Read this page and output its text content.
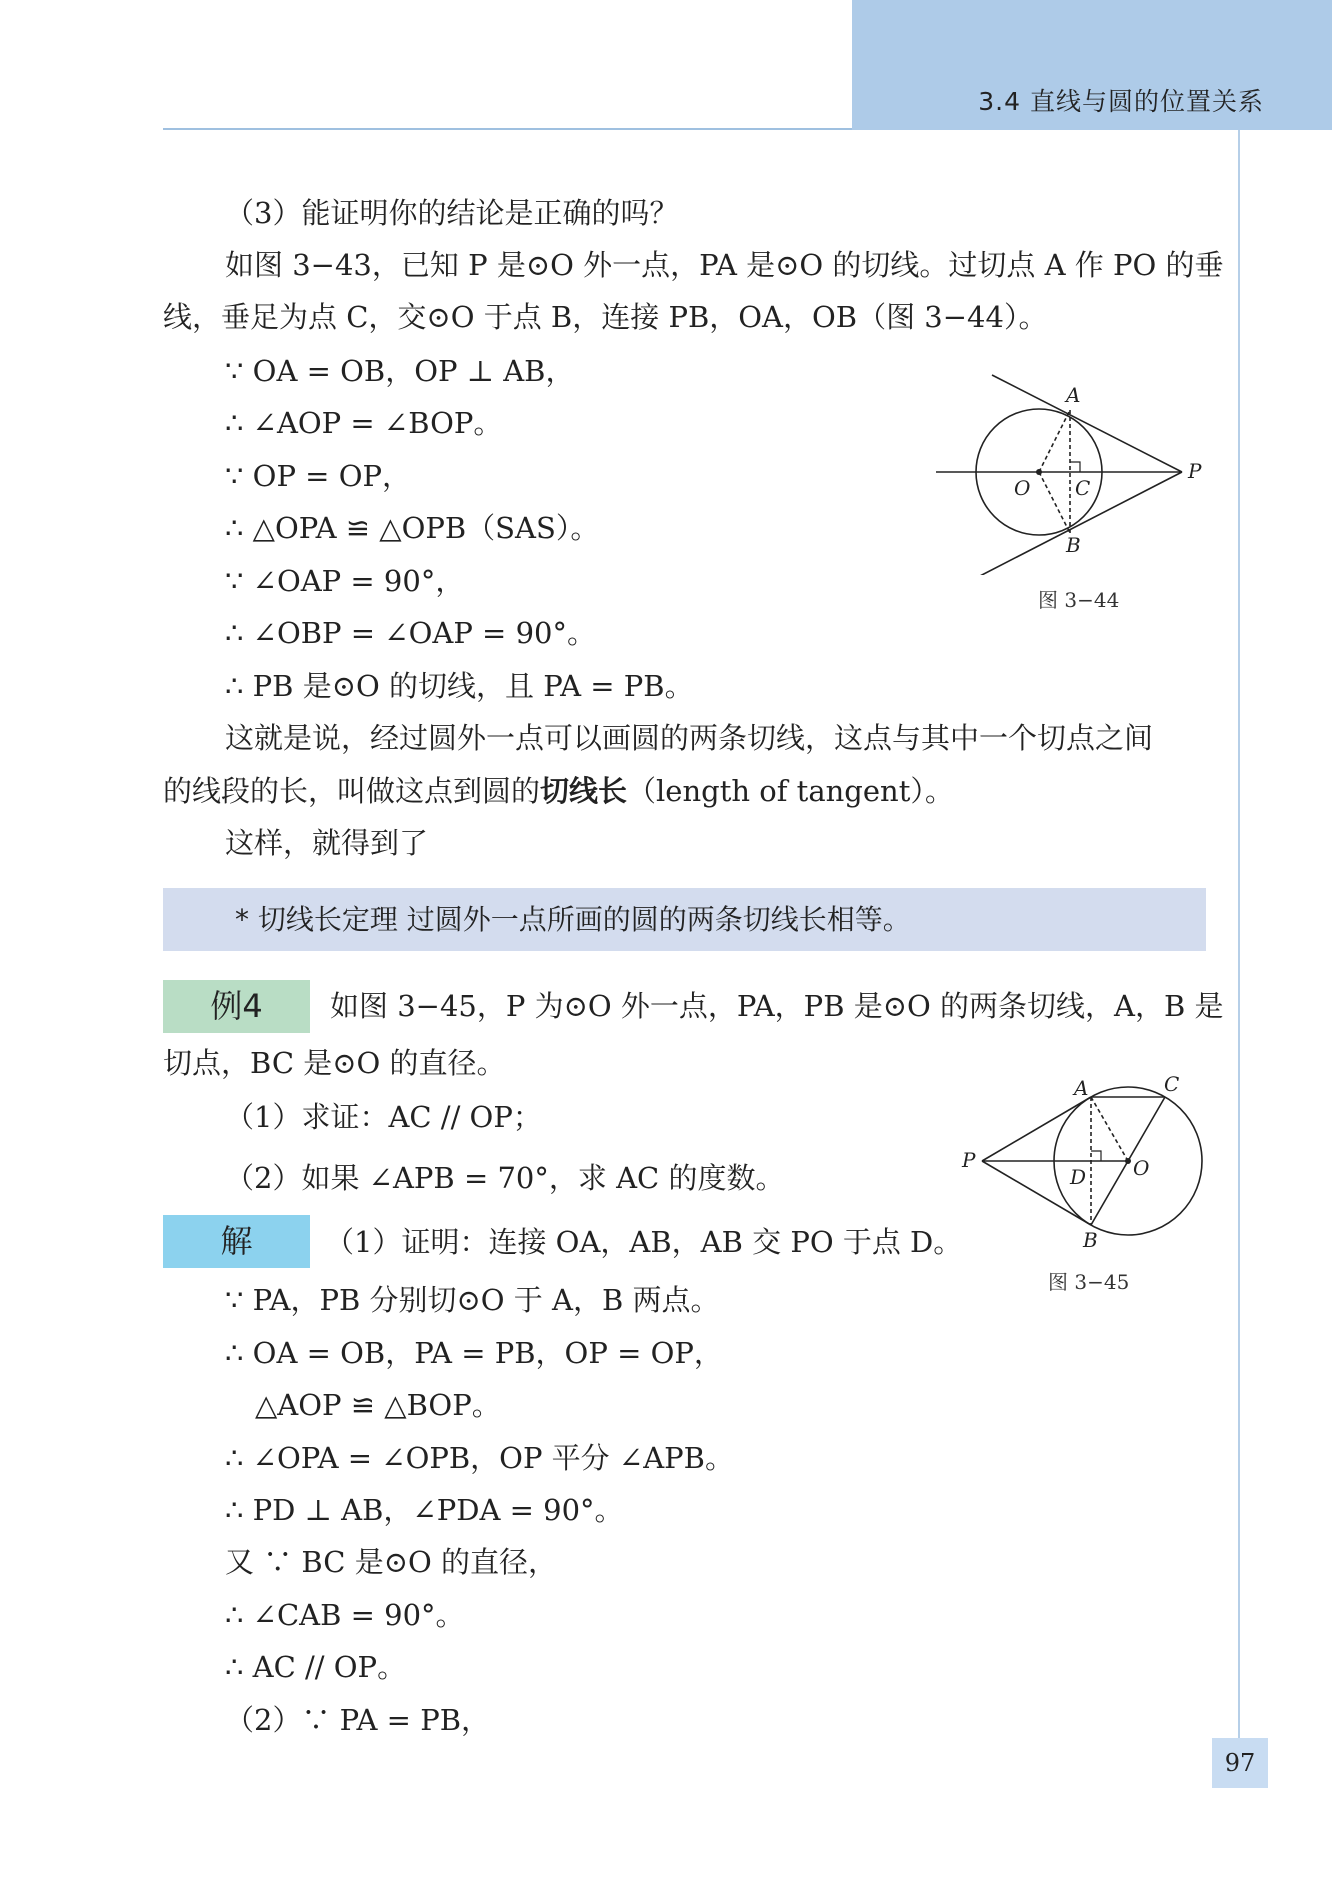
3.4 直线与圆的位置关系
（3）能证明你的结论是正确的吗？
如图 3−43，已知 P 是⊙O 外一点，PA 是⊙O 的切线。过切点 A 作 PO 的垂
线，垂足为点 C，交⊙O 于点 B，连接 PB，OA，OB（图 3−44）。
∵ OA = OB，OP ⊥ AB，
∴ ∠AOP = ∠BOP。
∵ OP = OP，
∴ △OPA ≌ △OPB（SAS）。
∵ ∠OAP = 90°，
∴ ∠OBP = ∠OAP = 90°。
∴ PB 是⊙O 的切线，且 PA = PB。
这就是说，经过圆外一点可以画圆的两条切线，这点与其中一个切点之间
的线段的长，叫做这点到圆的切线长（length of tangent）。
这样，就得到了
* 切线长定理 过圆外一点所画的圆的两条切线长相等。
例4	如图 3−45，P 为⊙O 外一点，PA，PB 是⊙O 的两条切线，A，B 是
切点，BC 是⊙O 的直径。
（1）求证：AC // OP；
（2）如果 ∠APB = 70°，求 AC 的度数。
解	（1）证明：连接 OA，AB，AB 交 PO 于点 D。
∵ PA，PB 分别切⊙O 于 A，B 两点。
∴ OA = OB，PA = PB，OP = OP，
△AOP ≌ △BOP。
∴ ∠OPA = ∠OPB，OP 平分 ∠APB。
∴ PD ⊥ AB，∠PDA = 90°。
又 ∵ BC 是⊙O 的直径，
∴ ∠CAB = 90°。
∴ AC // OP。
（2）∵ PA = PB，
A
O C
P
B
图 3−44
A	C
P
D O
B
图 3−45
97
